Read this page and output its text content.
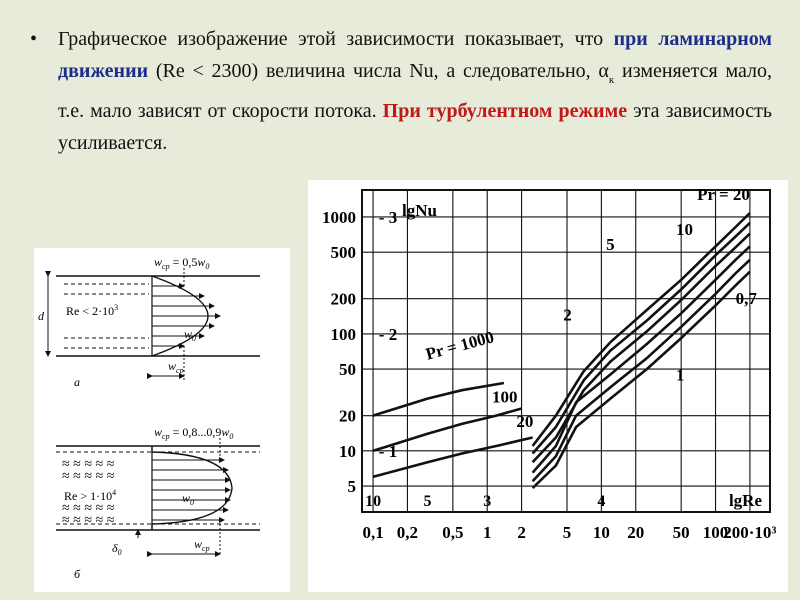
• Графическое изображение этой зависимости показывает, что при ламинарном движении (Re < 2300) величина числа Nu, а следовательно, $\alpha_к$ изменяется мало, т.е. мало зависят от скорости потока. При турбулентном режиме эта зависимость усиливается.
$w_{ср} = 0,5w_0$
$Re < 2\cdot 10^3$
$w_0$
d
$w_{ср}$
а
$w_{ср} = 0,8...0,9w_0$
≈ ≈ ≈ ≈ ≈
≈ ≈ ≈ ≈ ≈
≈ ≈ ≈ ≈ ≈
≈ ≈ ≈ ≈ ≈
$Re > 1\cdot 10^4$	$w_0$
$\delta_0$
$w_{ср}$
б
0,1 0,2 0,5 1 2 5 10 20 50 100
200·10³
5
10
20
50
100
200
500
1000
- 1
- 2
- 3
10	5	3	4
lgNu
lgRe
Pr = 20
10
5
2
1
0,7
Pr = 1000
100
20
